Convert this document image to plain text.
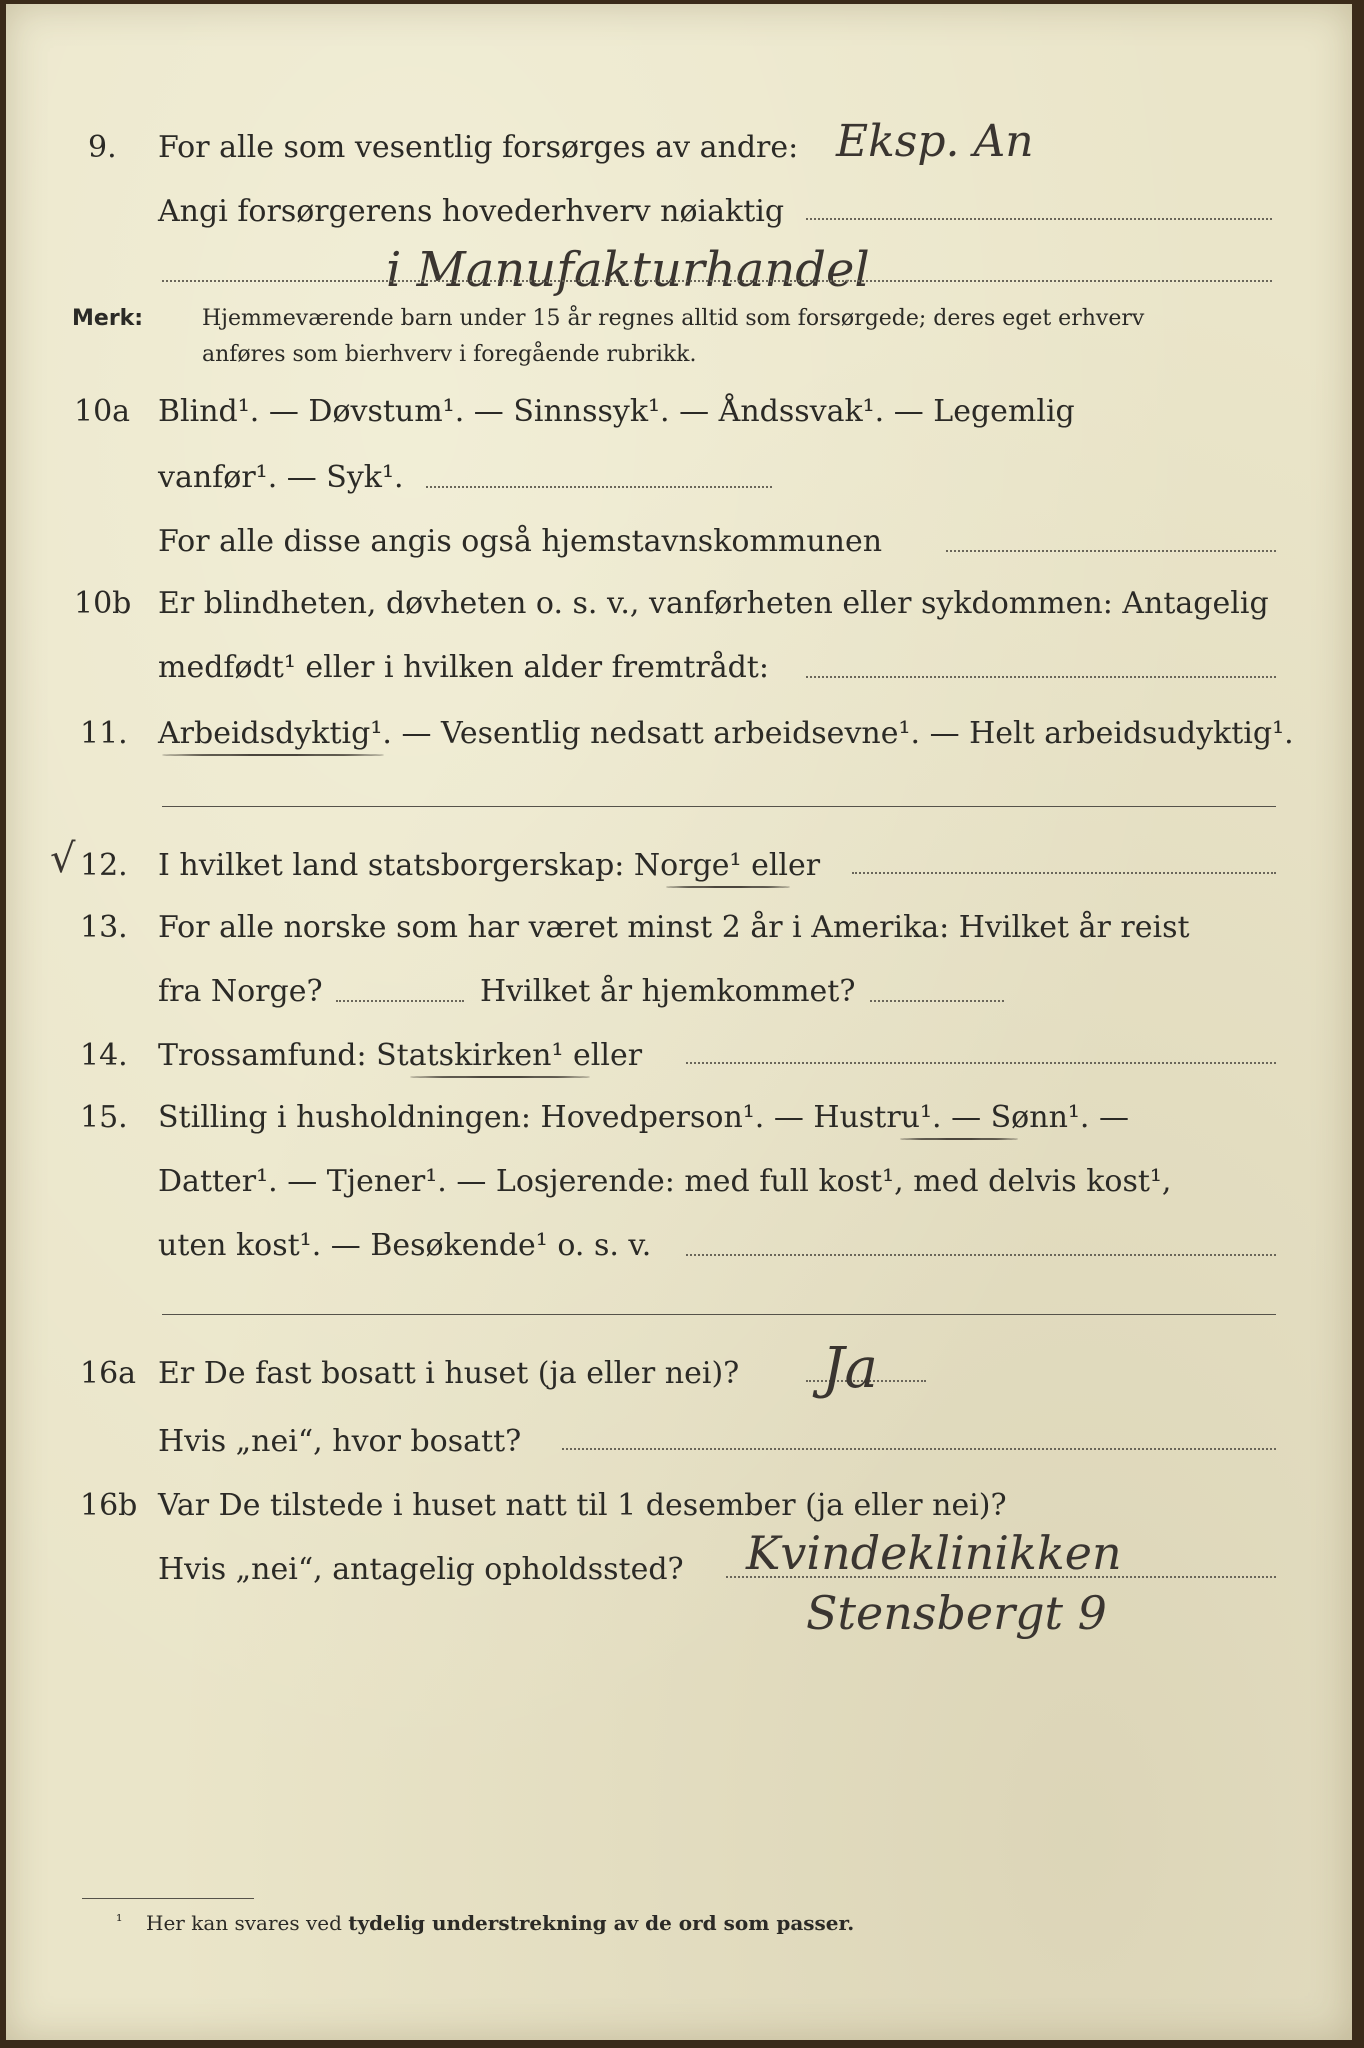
9. For alle som vesentlig forsørges av andre: Eksp. An
Angi forsørgerens hovederhverv nøiaktig
i Manufakturhandel
Merk:	Hjemmeværende barn under 15 år regnes alltid som forsørgede; deres eget erhverv
anføres som bierhverv i foregående rubrikk.
10a Blind¹. — Døvstum¹. — Sinnssyk¹. — Åndssvak¹. — Legemlig
vanfør¹. — Syk¹.
For alle disse angis også hjemstavnskommunen
10b Er blindheten, døvheten o. s. v., vanførheten eller sykdommen: Antagelig
medfødt¹ eller i hvilken alder fremtrådt:
11. Arbeidsdyktig¹. — Vesentlig nedsatt arbeidsevne¹. — Helt arbeidsudyktig¹.
√ 12. I hvilket land statsborgerskap: Norge¹ eller
13. For alle norske som har været minst 2 år i Amerika: Hvilket år reist
fra Norge?	Hvilket år hjemkommet?
14. Trossamfund: Statskirken¹ eller
15. Stilling i husholdningen: Hovedperson¹. — Hustru¹. — Sønn¹. —
Datter¹. — Tjener¹. — Losjerende: med full kost¹, med delvis kost¹,
uten kost¹. — Besøkende¹ o. s. v.
16a Er De fast bosatt i huset (ja eller nei)? Ja
Hvis „nei“, hvor bosatt?
16b Var De tilstede i huset natt til 1 desember (ja eller nei)?
Hvis „nei“, antagelig opholdssted? Kvindeklinikken
Stensbergt 9
¹ Her kan svares ved tydelig understrekning av de ord som passer.
